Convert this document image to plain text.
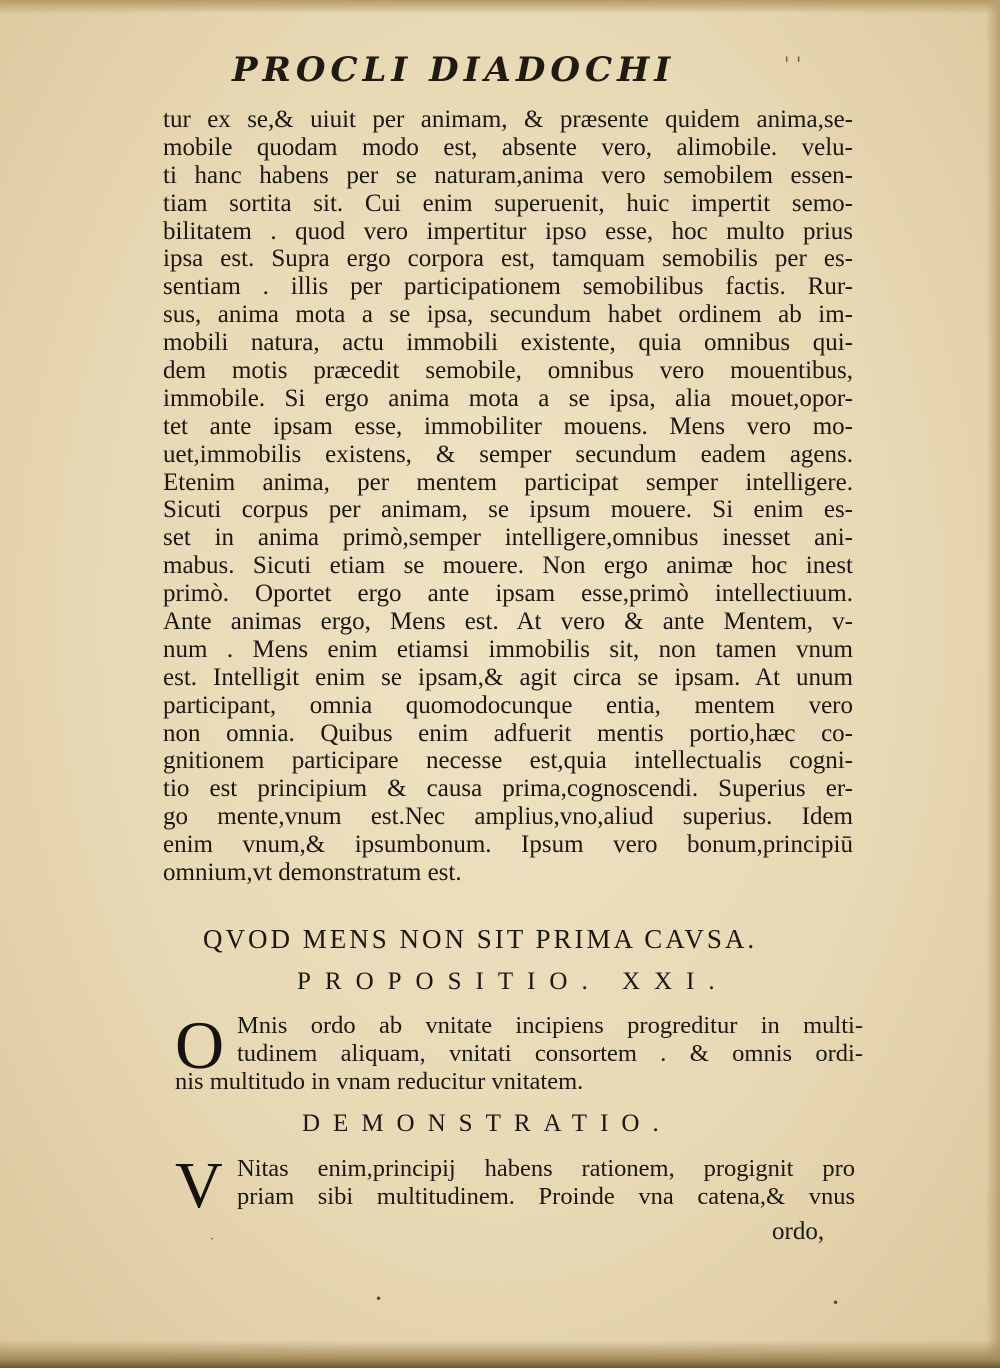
PROCLI DIADOCHI	' '
tur ex se,& uiuit per animam, & præsente quidem anima,se-
mobile quodam modo est, absente vero, alimobile. velu-
ti hanc habens per se naturam,anima vero semobilem essen-
tiam sortita sit. Cui enim superuenit, huic impertit semo-
bilitatem . quod vero impertitur ipso esse, hoc multo prius
ipsa est. Supra ergo corpora est, tamquam semobilis per es-
sentiam . illis per participationem semobilibus factis. Rur-
sus, anima mota a se ipsa, secundum habet ordinem ab im-
mobili natura, actu immobili existente, quia omnibus qui-
dem motis præcedit semobile, omnibus vero mouentibus,
immobile. Si ergo anima mota a se ipsa, alia mouet,opor-
tet ante ipsam esse, immobiliter mouens. Mens vero mo-
uet,immobilis existens, & semper secundum eadem agens.
Etenim anima, per mentem participat semper intelligere.
Sicuti corpus per animam, se ipsum mouere. Si enim es-
set in anima primò,semper intelligere,omnibus inesset ani-
mabus. Sicuti etiam se mouere. Non ergo animæ hoc inest
primò. Oportet ergo ante ipsam esse,primò intellectiuum.
Ante animas ergo, Mens est. At vero & ante Mentem, v-
num . Mens enim etiamsi immobilis sit, non tamen vnum
est. Intelligit enim se ipsam,& agit circa se ipsam. At unum
participant, omnia quomodocunque entia, mentem vero
non omnia. Quibus enim adfuerit mentis portio,hæc co-
gnitionem participare necesse est,quia intellectualis cogni-
tio est principium & causa prima,cognoscendi. Superius er-
go mente,vnum est.Nec amplius,vno,aliud superius. Idem
enim vnum,& ipsumbonum. Ipsum vero bonum,principiū
omnium,vt demonstratum est.
QVOD MENS NON SIT PRIMA CAVSA.
PROPOSITIO. XXI.
O Mnis ordo ab vnitate incipiens progreditur in multi-
tudinem aliquam, vnitati consortem . & omnis ordi-
nis multitudo in vnam reducitur vnitatem.
DEMONSTRATIO.
V Nitas enim,principij habens rationem, progignit pro
priam sibi multitudinem. Proinde vna catena,& vnus
ordo,
•	•
·
